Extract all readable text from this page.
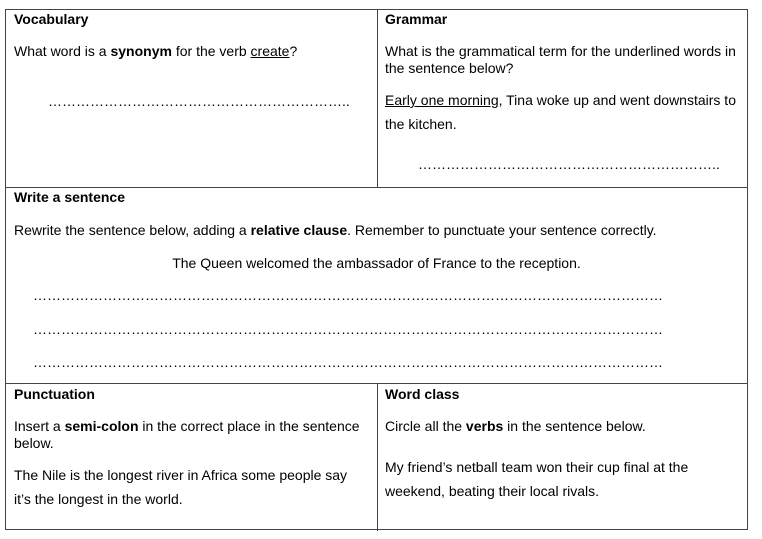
Vocabulary
What word is a synonym for the verb create?
………………………………………………………..
Grammar
What is the grammatical term for the underlined words in
the sentence below?
Early one morning, Tina woke up and went downstairs to
the kitchen.
………………………………………………………..
Write a sentence
Rewrite the sentence below, adding a relative clause. Remember to punctuate your sentence correctly.
The Queen welcomed the ambassador of France to the reception.
………………………………………………………………………………………………………………………
………………………………………………………………………………………………………………………
………………………………………………………………………………………………………………………
Punctuation
Insert a semi-colon in the correct place in the sentence
below.
The Nile is the longest river in Africa some people say
it’s the longest in the world.
Word class
Circle all the verbs in the sentence below.
My friend’s netball team won their cup final at the
weekend, beating their local rivals.
